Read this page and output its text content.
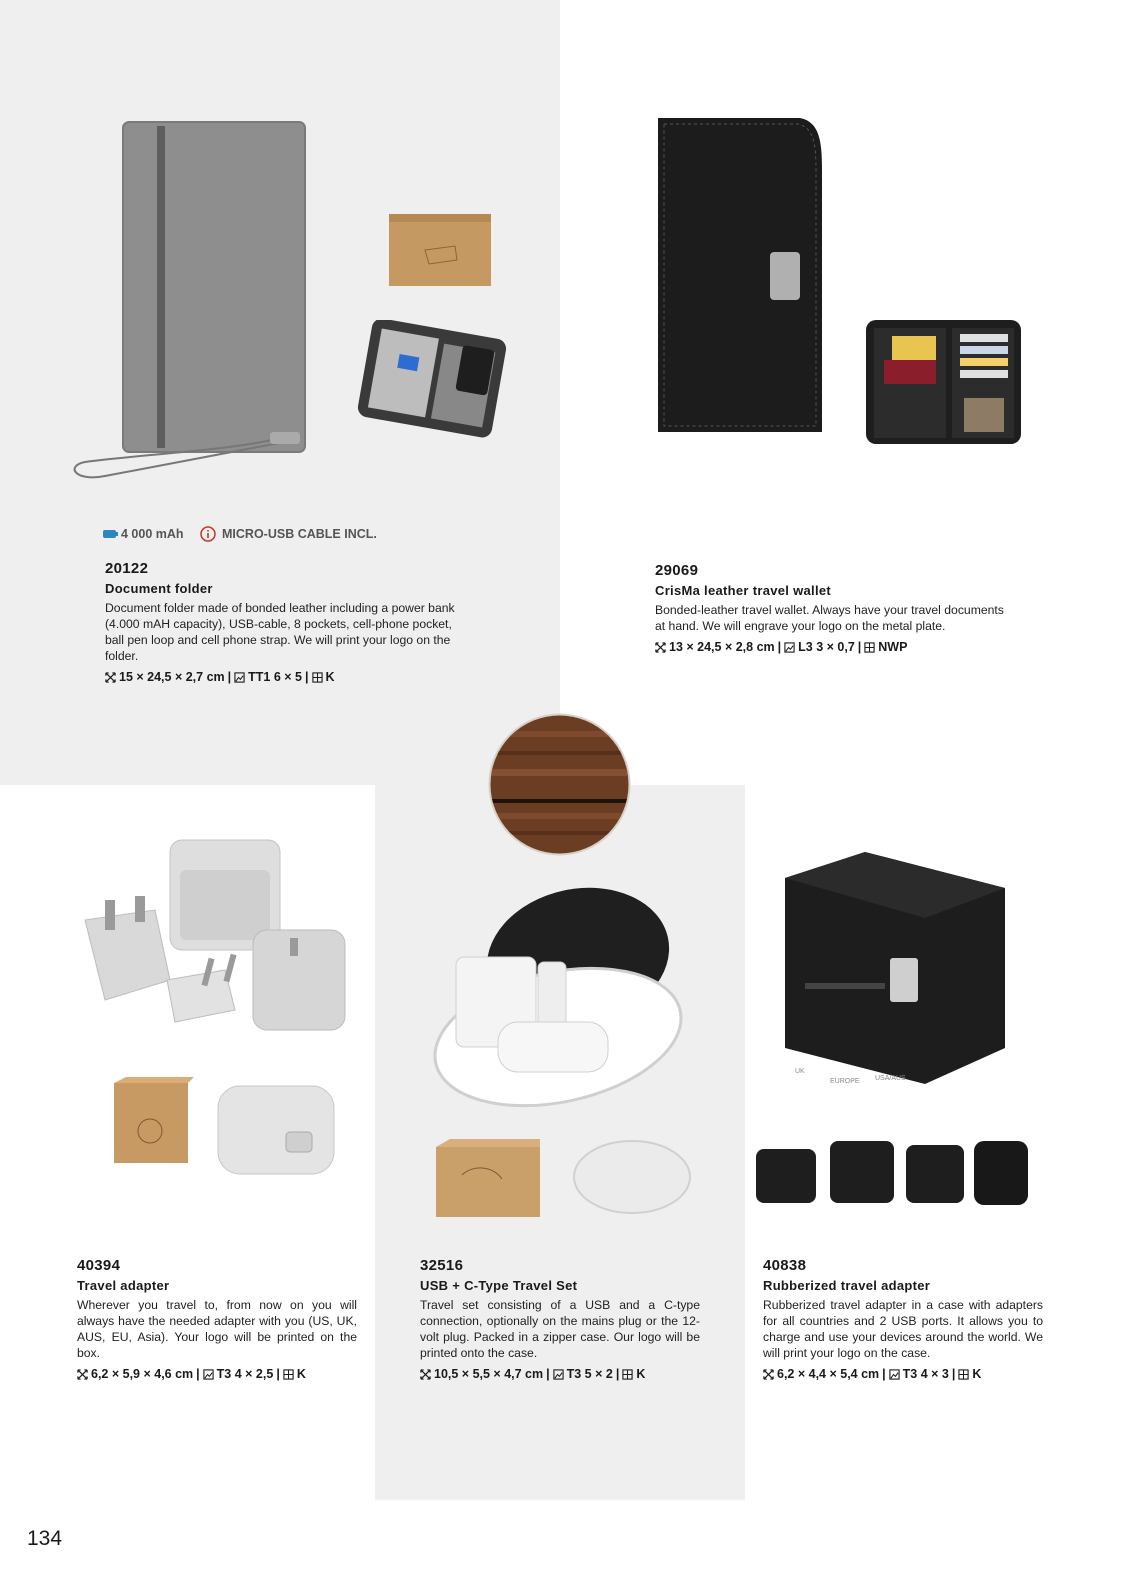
UK
EUROPE USA/AUS
4 000 mAh	MICRO-USB CABLE INCL.
20122
Document folder
Document folder made of bonded leather including a power bank (4.000 mAH capacity), USB-cable, 8 pockets, cell-phone pocket, ball pen loop and cell phone strap. We will print your logo on the folder.
15 × 24,5 × 2,7 cm | TT1 6 × 5 | K
29069
CrisMa leather travel wallet
Bonded-leather travel wallet. Always have your travel documents at hand. We will engrave your logo on the metal plate.
13 × 24,5 × 2,8 cm | L3 3 × 0,7 | NWP
40394
Travel adapter
Wherever you travel to, from now on you will always have the needed adapter with you (US, UK, AUS, EU, Asia). Your logo will be printed on the box.
6,2 × 5,9 × 4,6 cm | T3 4 × 2,5 | K
32516
USB + C-Type Travel Set
Travel set consisting of a USB and a C-type connection, optionally on the mains plug or the 12-volt plug. Packed in a zipper case. Our logo will be printed onto the case.
10,5 × 5,5 × 4,7 cm | T3 5 × 2 | K
40838
Rubberized travel adapter
Rubberized travel adapter in a case with adapters for all countries and 2 USB ports. It allows you to charge and use your devices around the world. We will print your logo on the case.
6,2 × 4,4 × 5,4 cm | T3 4 × 3 | K
134
